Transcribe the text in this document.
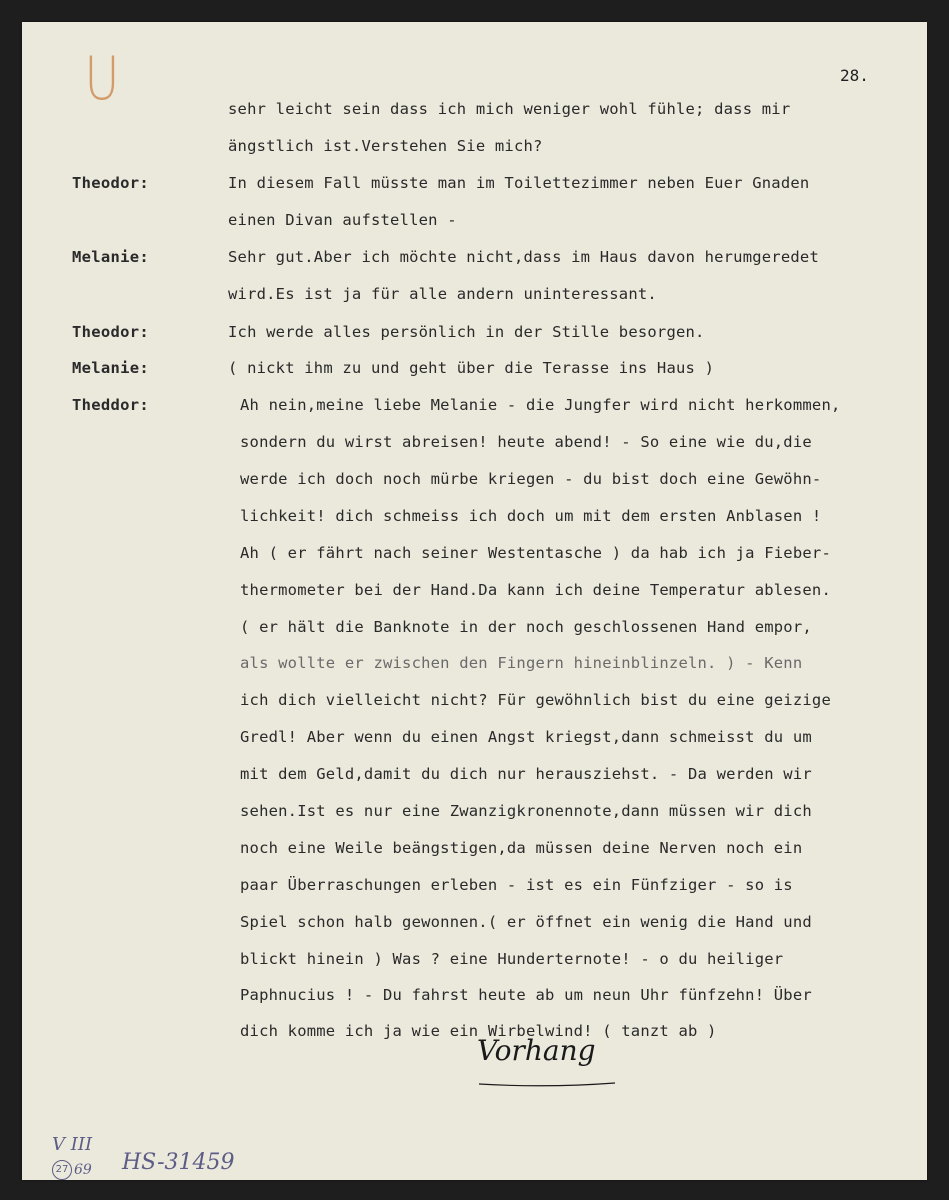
U	28.
sehr leicht sein dass ich mich weniger wohl fühle; dass mir
ängstlich ist.Verstehen Sie mich?
Theodor:	In diesem Fall müsste man im Toilettezimmer neben Euer Gnaden
einen Divan aufstellen -
Melanie:	Sehr gut.Aber ich möchte nicht,dass im Haus davon herumgeredet
wird.Es ist ja für alle andern uninteressant.
Theodor:	Ich werde alles persönlich in der Stille besorgen.
Melanie:	( nickt ihm zu und geht über die Terasse ins Haus )
Theddor:	Ah nein,meine liebe Melanie - die Jungfer wird nicht herkommen,
sondern du wirst abreisen! heute abend! - So eine wie du,die
werde ich doch noch mürbe kriegen - du bist doch eine Gewöhn-
lichkeit! dich schmeiss ich doch um mit dem ersten Anblasen !
Ah ( er fährt nach seiner Westentasche ) da hab ich ja Fieber-
thermometer bei der Hand.Da kann ich deine Temperatur ablesen.
( er hält die Banknote in der noch geschlossenen Hand empor,
als wollte er zwischen den Fingern hineinblinzeln. ) - Kenn
ich dich vielleicht nicht? Für gewöhnlich bist du eine geizige
Gredl! Aber wenn du einen Angst kriegst,dann schmeisst du um
mit dem Geld,damit du dich nur herausziehst. - Da werden wir
sehen.Ist es nur eine Zwanzigkronennote,dann müssen wir dich
noch eine Weile beängstigen,da müssen deine Nerven noch ein
paar Überraschungen erleben - ist es ein Fünfziger - so is
Spiel schon halb gewonnen.( er öffnet ein wenig die Hand und
blickt hinein ) Was ? eine Hunderternote! - o du heiliger
Paphnucius ! - Du fahrst heute ab um neun Uhr fünfzehn! Über
dich komme ich ja wie ein Wirbelwind! ( tanzt ab )
Vorhang
V III
27 69 HS-31459
